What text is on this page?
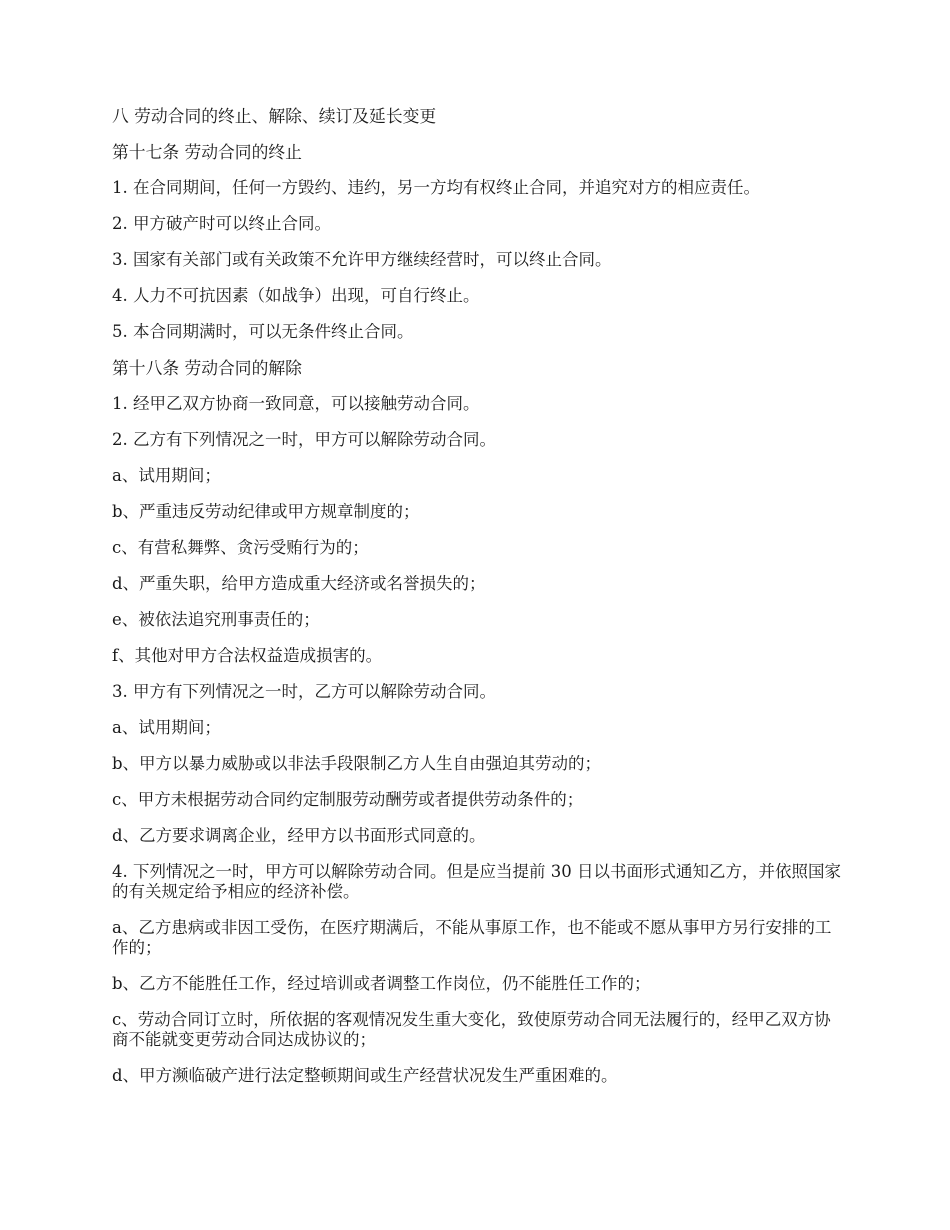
八 劳动合同的终止、解除、续订及延长变更

第十七条 劳动合同的终止

1. 在合同期间，任何一方毁约、违约，另一方均有权终止合同，并追究对方的相应责任。

2. 甲方破产时可以终止合同。

3. 国家有关部门或有关政策不允许甲方继续经营时，可以终止合同。

4. 人力不可抗因素（如战争）出现，可自行终止。

5. 本合同期满时，可以无条件终止合同。

第十八条 劳动合同的解除

1. 经甲乙双方协商一致同意，可以接触劳动合同。

2. 乙方有下列情况之一时，甲方可以解除劳动合同。

a、试用期间；

b、严重违反劳动纪律或甲方规章制度的；

c、有营私舞弊、贪污受贿行为的；

d、严重失职，给甲方造成重大经济或名誉损失的；

e、被依法追究刑事责任的；

f、其他对甲方合法权益造成损害的。

3. 甲方有下列情况之一时，乙方可以解除劳动合同。

a、试用期间；

b、甲方以暴力威胁或以非法手段限制乙方人生自由强迫其劳动的；

c、甲方未根据劳动合同约定制服劳动酬劳或者提供劳动条件的；

d、乙方要求调离企业，经甲方以书面形式同意的。

4. 下列情况之一时，甲方可以解除劳动合同。但是应当提前 30 日以书面形式通知乙方，并依照国家的有关规定给予相应的经济补偿。

a、乙方患病或非因工受伤，在医疗期满后，不能从事原工作，也不能或不愿从事甲方另行安排的工作的；

b、乙方不能胜任工作，经过培训或者调整工作岗位，仍不能胜任工作的；

c、劳动合同订立时，所依据的客观情况发生重大变化，致使原劳动合同无法履行的，经甲乙双方协商不能就变更劳动合同达成协议的；

d、甲方濒临破产进行法定整顿期间或生产经营状况发生严重困难的。
